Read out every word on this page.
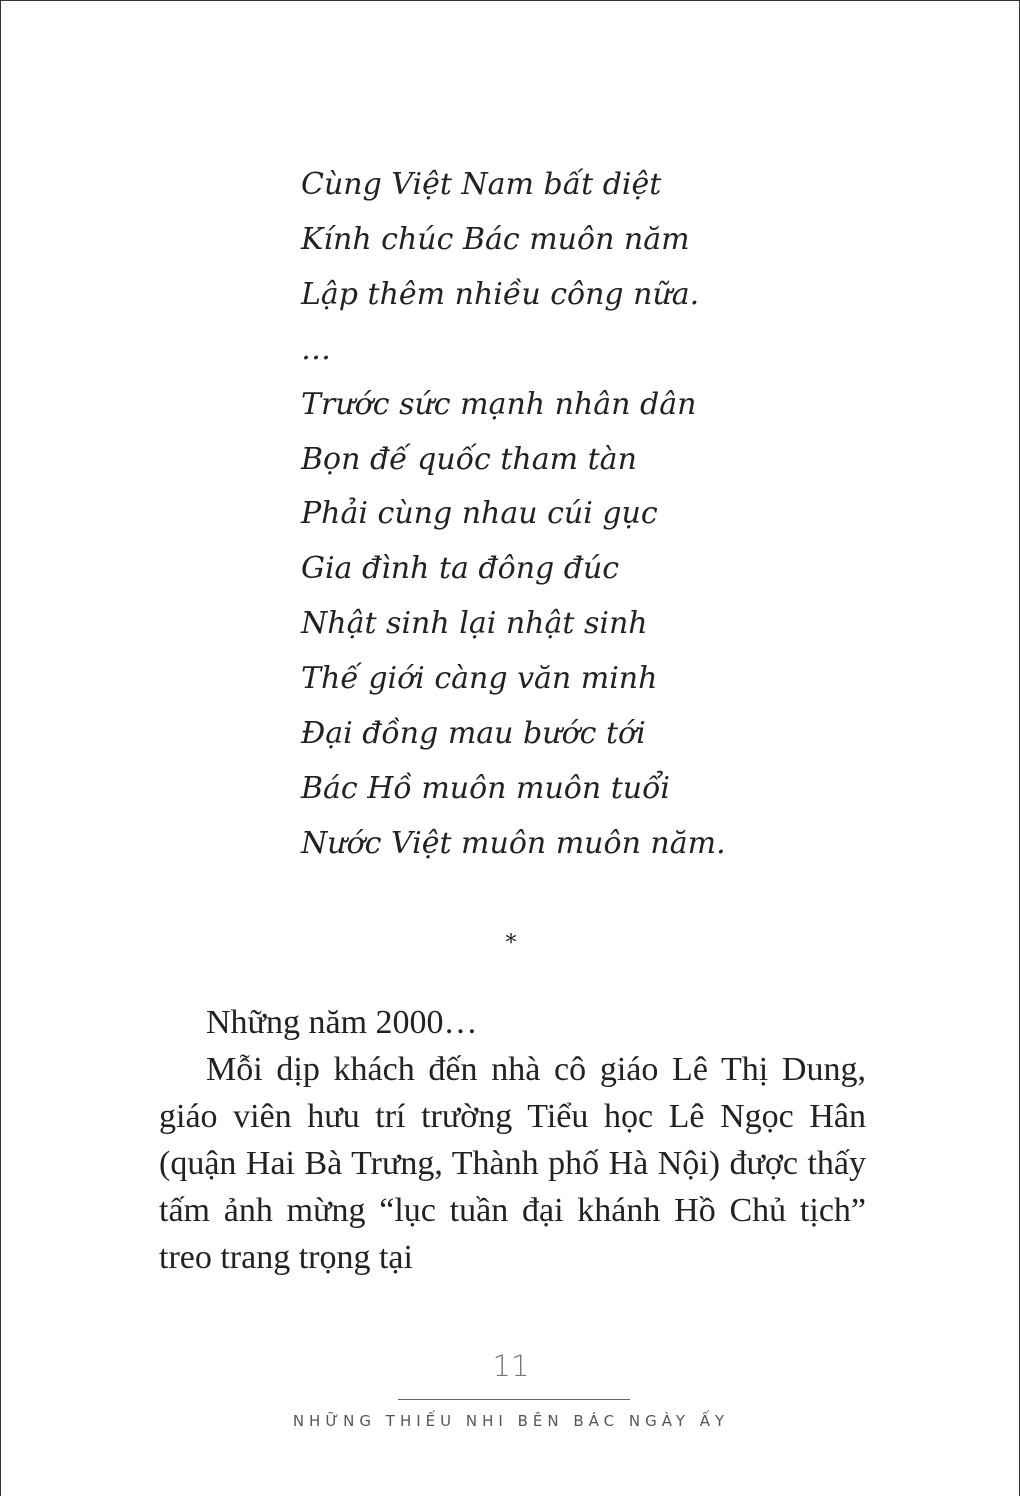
Cùng Việt Nam bất diệt
Kính chúc Bác muôn năm
Lập thêm nhiều công nữa.
…
Trước sức mạnh nhân dân
Bọn đế quốc tham tàn
Phải cùng nhau cúi gục
Gia đình ta đông đúc
Nhật sinh lại nhật sinh
Thế giới càng văn minh
Đại đồng mau bước tới
Bác Hồ muôn muôn tuổi
Nước Việt muôn muôn năm.
*

Những năm 2000…

Mỗi dịp khách đến nhà cô giáo Lê Thị Dung, giáo viên hưu trí trường Tiểu học Lê Ngọc Hân (quận Hai Bà Trưng, Thành phố Hà Nội) được thấy tấm ảnh mừng “lục tuần đại khánh Hồ Chủ tịch” treo trang trọng tại

11
NHỮNG THIẾU NHI BÊN BÁC NGÀY ẤY
